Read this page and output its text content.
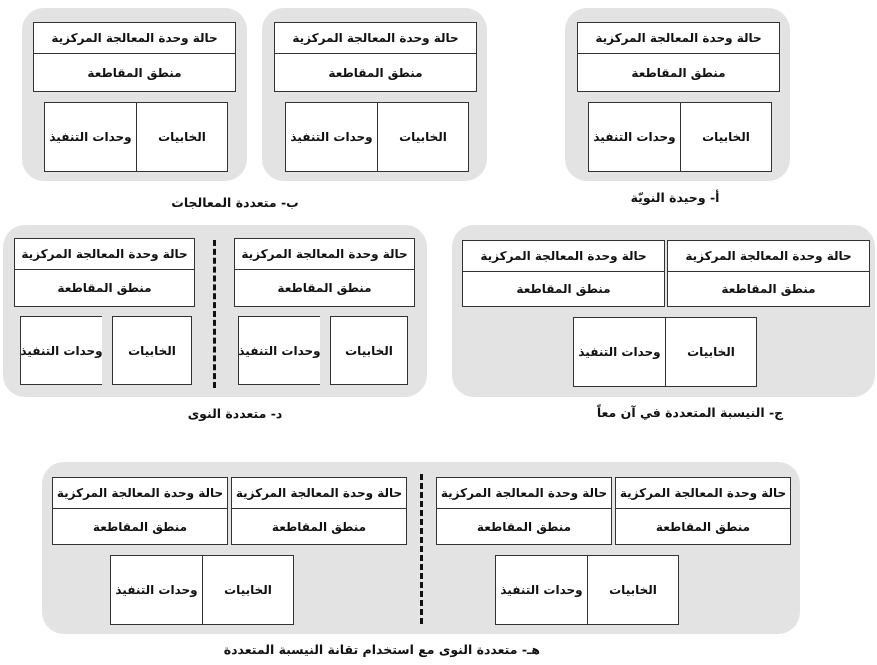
حالة وحدة المعالجة المركزية
منطق المقاطعة
وحدات التنفيذ	الخابيات
أ- وحيدة النويّة
حالة وحدة المعالجة المركزية
منطق المقاطعة
وحدات التنفيذ	الخابيات
حالة وحدة المعالجة المركزية
منطق المقاطعة
وحدات التنفيذ	الخابيات
ب- متعددة المعالجات
حالة وحدة المعالجة المركزية
منطق المقاطعة
حالة وحدة المعالجة المركزية
منطق المقاطعة
وحدات التنفيذ	الخابيات
ج- النيسبة المتعددة في آن معاً
حالة وحدة المعالجة المركزية
منطق المقاطعة
وحدات التنفيذ	الخابيات
حالة وحدة المعالجة المركزية
منطق المقاطعة
وحدات التنفيذ	الخابيات
د- متعددة النوى
حالة وحدة المعالجة المركزية
منطق المقاطعة
حالة وحدة المعالجة المركزية
منطق المقاطعة
وحدات التنفيذ	الخابيات
حالة وحدة المعالجة المركزية
منطق المقاطعة
حالة وحدة المعالجة المركزية
منطق المقاطعة
وحدات التنفيذ	الخابيات
هـ- متعددة النوى مع استخدام تقانة النيسبة المتعددة
